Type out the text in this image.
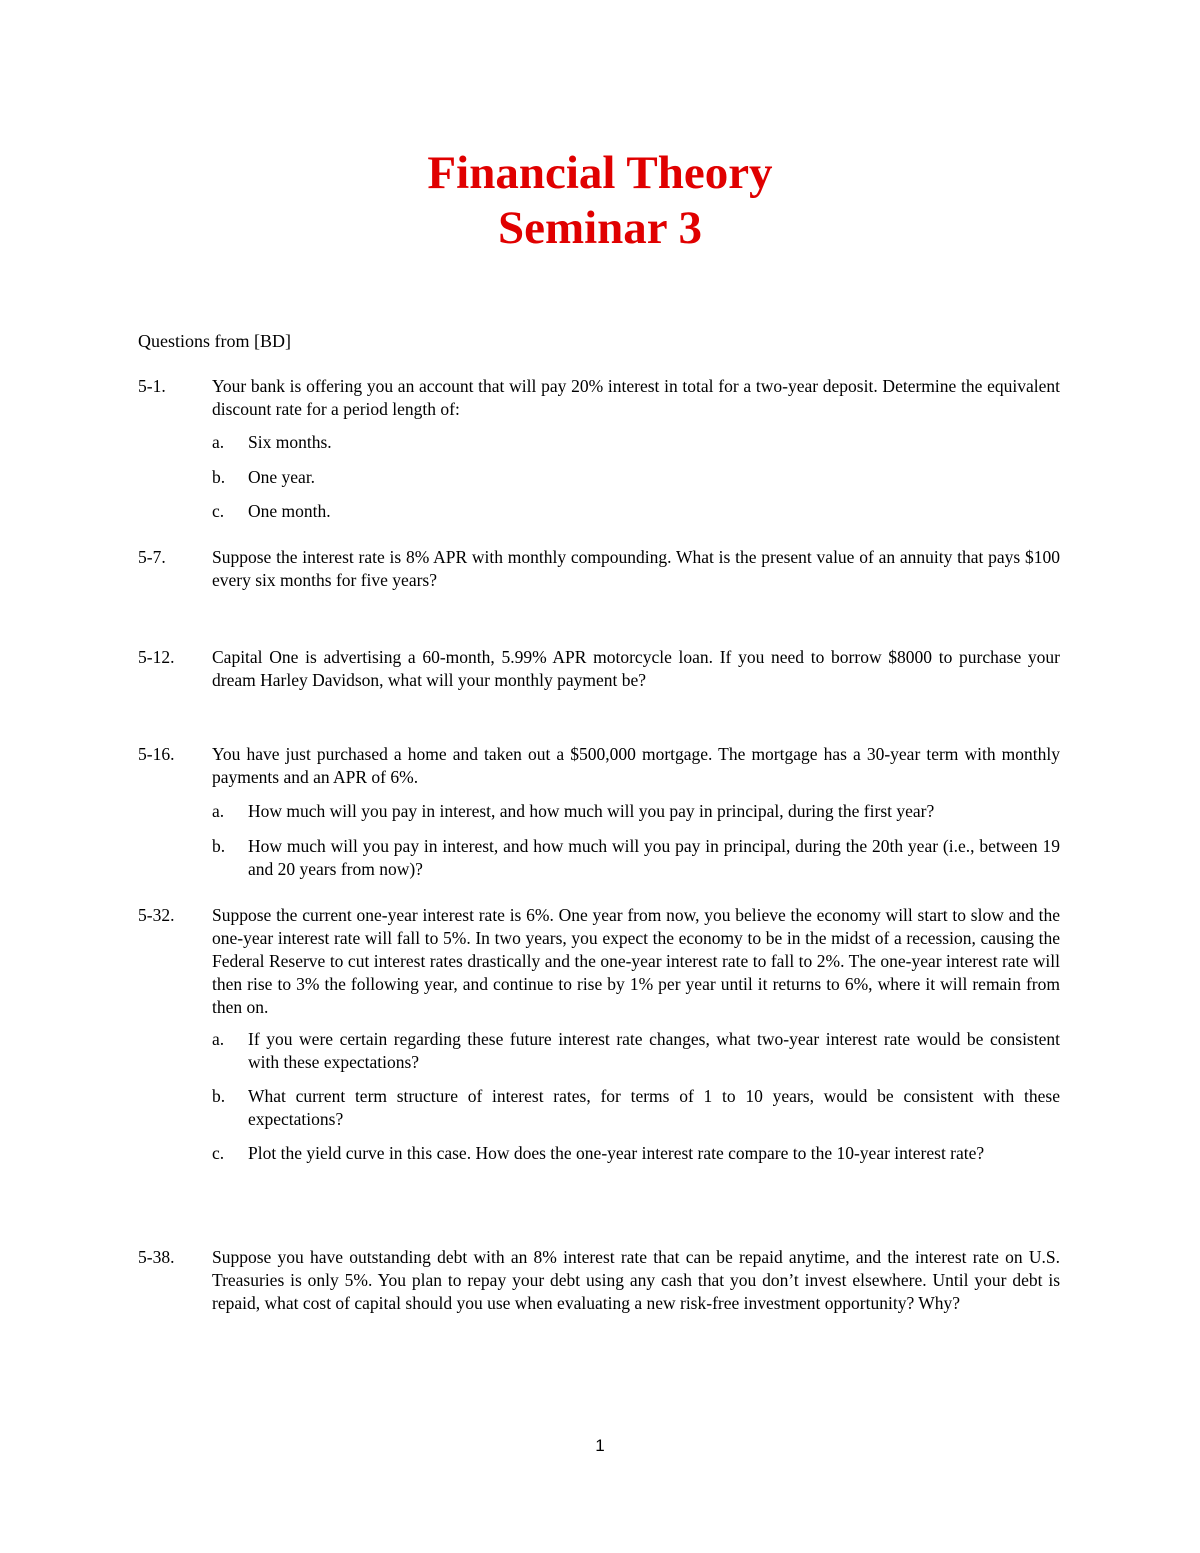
Financial Theory
Seminar 3
Questions from [BD]
5-1.	Your bank is offering you an account that will pay 20% interest in total for a two-year deposit. Determine the equivalent discount rate for a period length of:
a. Six months.
b. One year.
c. One month.
5-7.	Suppose the interest rate is 8% APR with monthly compounding. What is the present value of an annuity that pays $100 every six months for five years?
5-12. Capital One is advertising a 60-month, 5.99% APR motorcycle loan. If you need to borrow $8000 to purchase your dream Harley Davidson, what will your monthly payment be?
5-16. You have just purchased a home and taken out a $500,000 mortgage. The mortgage has a 30-year term with monthly payments and an APR of 6%.
a. How much will you pay in interest, and how much will you pay in principal, during the first year?
b. How much will you pay in interest, and how much will you pay in principal, during the 20th year (i.e., between 19 and 20 years from now)?
5-32. Suppose the current one-year interest rate is 6%. One year from now, you believe the economy will start to slow and the one-year interest rate will fall to 5%. In two years, you expect the economy to be in the midst of a recession, causing the Federal Reserve to cut interest rates drastically and the one-year interest rate to fall to 2%. The one-year interest rate will then rise to 3% the following year, and continue to rise by 1% per year until it returns to 6%, where it will remain from then on.
a. If you were certain regarding these future interest rate changes, what two-year interest rate would be consistent with these expectations?
b. What current term structure of interest rates, for terms of 1 to 10 years, would be consistent with these expectations?
c. Plot the yield curve in this case. How does the one-year interest rate compare to the 10-year interest rate?
5-38. Suppose you have outstanding debt with an 8% interest rate that can be repaid anytime, and the interest rate on U.S. Treasuries is only 5%. You plan to repay your debt using any cash that you don’t invest elsewhere. Until your debt is repaid, what cost of capital should you use when evaluating a new risk-free investment opportunity? Why?
1
